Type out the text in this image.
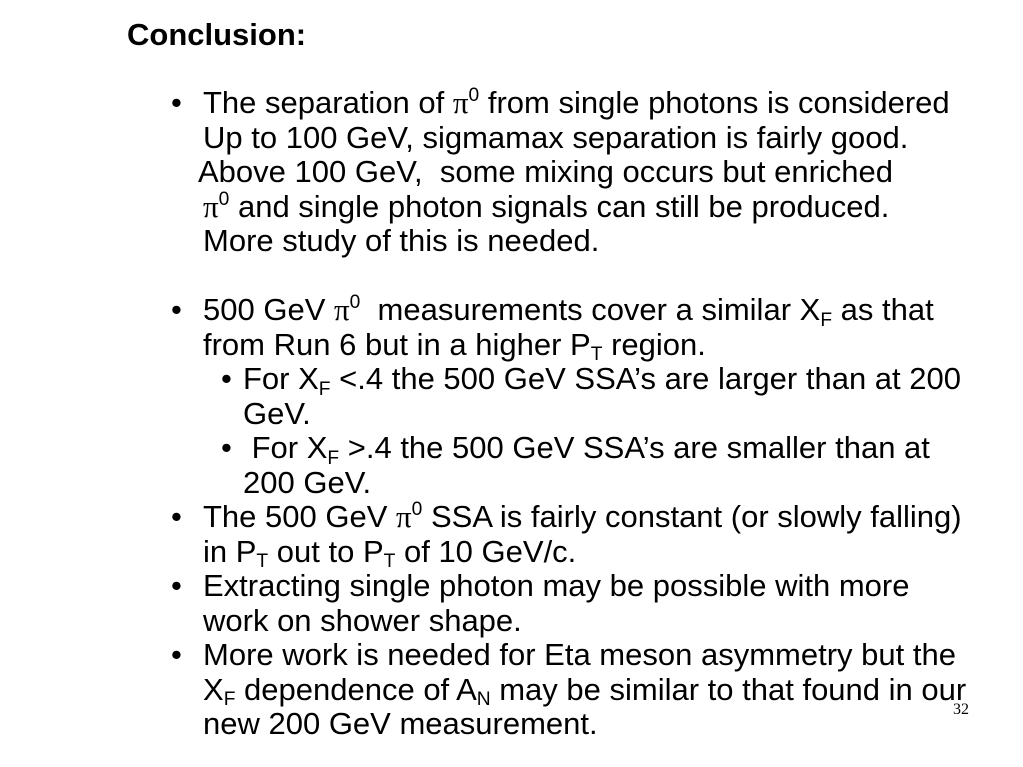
Conclusion:
• The separation of $\pi^0$ from single photons is considered
Up to 100 GeV, sigmamax separation is fairly good.
Above 100 GeV,  some mixing occurs but enriched
$\pi^0$ and single photon signals can still be produced.
More study of this is needed.
• 500 GeV $\pi^0$  measurements cover a similar XF as that
from Run 6 but in a higher PT region.
• For XF <.4 the 500 GeV SSA’s are larger than at 200
GeV.
• For XF >.4 the 500 GeV SSA’s are smaller than at
200 GeV.
• The 500 GeV $\pi^0$ SSA is fairly constant (or slowly falling)
in PT out to PT of 10 GeV/c.
• Extracting single photon may be possible with more
work on shower shape.
• More work is needed for Eta meson asymmetry but the
XF dependence of AN may be similar to that found in our
new 200 GeV measurement.	32
